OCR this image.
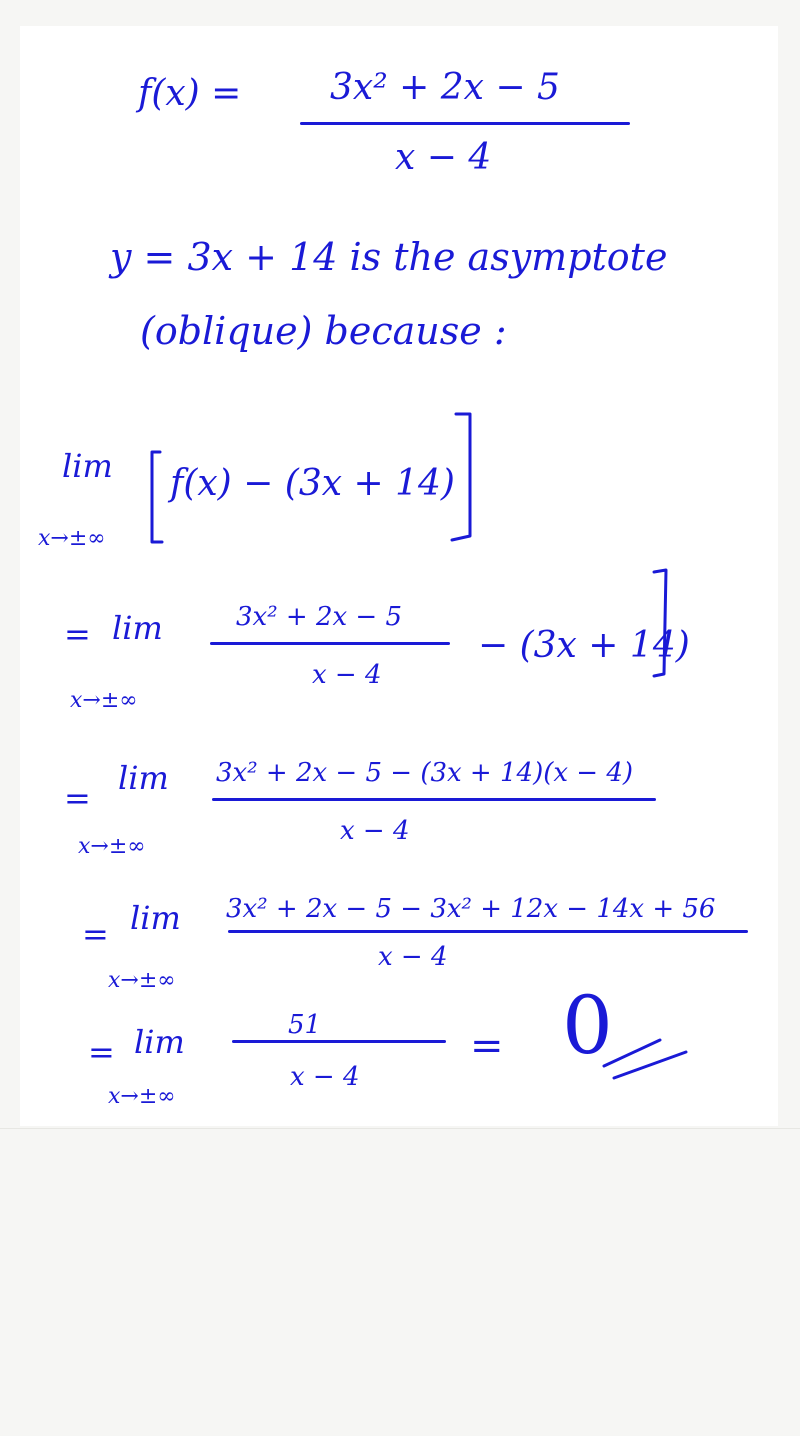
f(x) = 3x² + 2x − 5
x − 4
y = 3x + 14 is the asymptote
(oblique) because :
lim
x→±∞
f(x) − (3x + 14)
= lim
x→±∞
3x² + 2x − 5
x − 4
− (3x + 14)
=
lim
x→±∞
3x² + 2x − 5 − (3x + 14)(x − 4)
x − 4
= lim
x→±∞
3x² + 2x − 5 − 3x² + 12x − 14x + 56
x − 4
= lim
x→±∞
51
x − 4
= 0
